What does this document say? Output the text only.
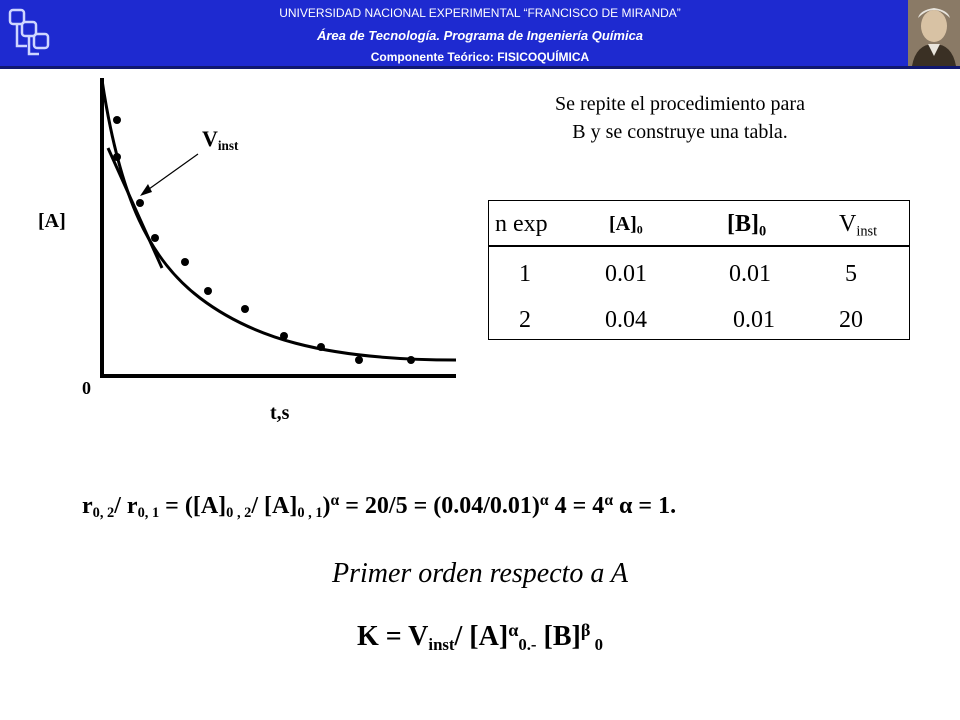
UNIVERSIDAD NACIONAL EXPERIMENTAL “FRANCISCO DE MIRANDA”
Área de Tecnología. Programa de Ingeniería Química
Componente Teórico: FISICOQUÍMICA
Se repite el procedimiento para
B y se construye una tabla.
$V_{inst}$
[A]
0
t,s
n exp	$[A]_0$	$[B]_0$	$V_{inst}$
1	0.01	0.01	5
2	0.04	0.01	20
$r_{0, 2}/$ $r_{0, 1} = ([A]_0$ $_{, 2}$/ $[A]_0$ $_{, 1})^\alpha = 20/5 = (0.04/0.01)^\alpha$ $4 = 4^\alpha$ α = 1.
Primer orden respecto a A
$K = V_{inst}/$ $[A]^\alpha_{0.-}$ $[B]^\beta$ $_0$
